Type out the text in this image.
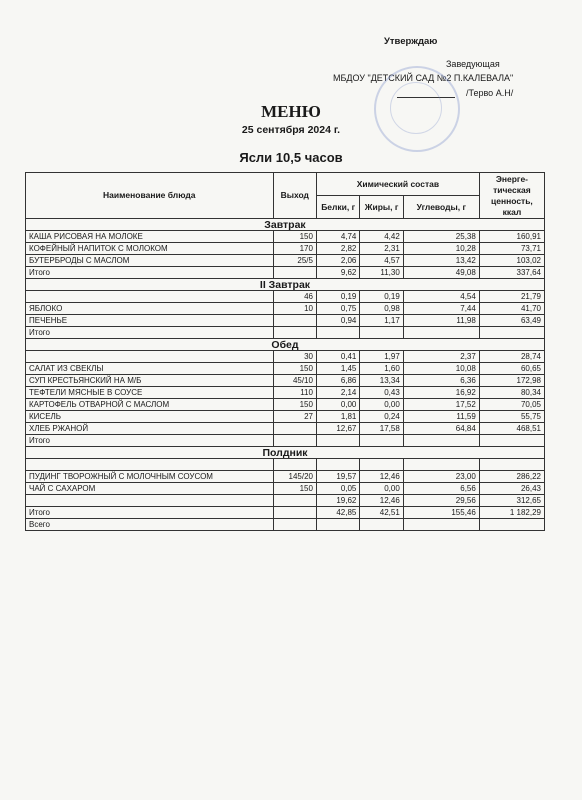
Утверждаю
Заведующая
МБДОУ "ДЕТСКИЙ САД №2 П.КАЛЕВАЛА"
/Терво А.Н/
МЕНЮ
25 сентября 2024 г.
Ясли 10,5 часов
Наименование блюда	Выход	Химический состав			Энерге-тическая ценность, ккал
		Белки, г	Жиры, г	Углеводы, г	
Завтрак					
КАША РИСОВАЯ НА МОЛОКЕ	150	4,74	4,42	25,38	160,91
КОФЕЙНЫЙ НАПИТОК С МОЛОКОМ	170	2,82	2,31	10,28	73,71
БУТЕРБРОДЫ С МАСЛОМ	25/5	2,06	4,57	13,42	103,02
Итого		9,62	11,30	49,08	337,64
II Завтрак					
	46	0,19	0,19	4,54	21,79
ЯБЛОКО	10	0,75	0,98	7,44	41,70
ПЕЧЕНЬЕ		0,94	1,17	11,98	63,49
Итого					
Обед					
	30	0,41	1,97	2,37	28,74
САЛАТ ИЗ СВЕКЛЫ	150	1,45	1,60	10,08	60,65
СУП КРЕСТЬЯНСКИЙ НА М/Б	45/10	6,86	13,34	6,36	172,98
ТЕФТЕЛИ МЯСНЫЕ В СОУСЕ	110	2,14	0,43	16,92	80,34
КАРТОФЕЛЬ ОТВАРНОЙ С МАСЛОМ	150	0,00	0,00	17,52	70,05
КИСЕЛЬ	27	1,81	0,24	11,59	55,75
ХЛЕБ РЖАНОЙ		12,67	17,58	64,84	468,51
Итого					
Полдник					

ПУДИНГ ТВОРОЖНЫЙ С МОЛОЧНЫМ СОУСОМ	145/20	19,57	12,46	23,00	286,22
ЧАЙ С САХАРОМ	150	0,05	0,00	6,56	26,43
		19,62	12,46	29,56	312,65
Итого		42,85	42,51	155,46	1 182,29
Всего					
